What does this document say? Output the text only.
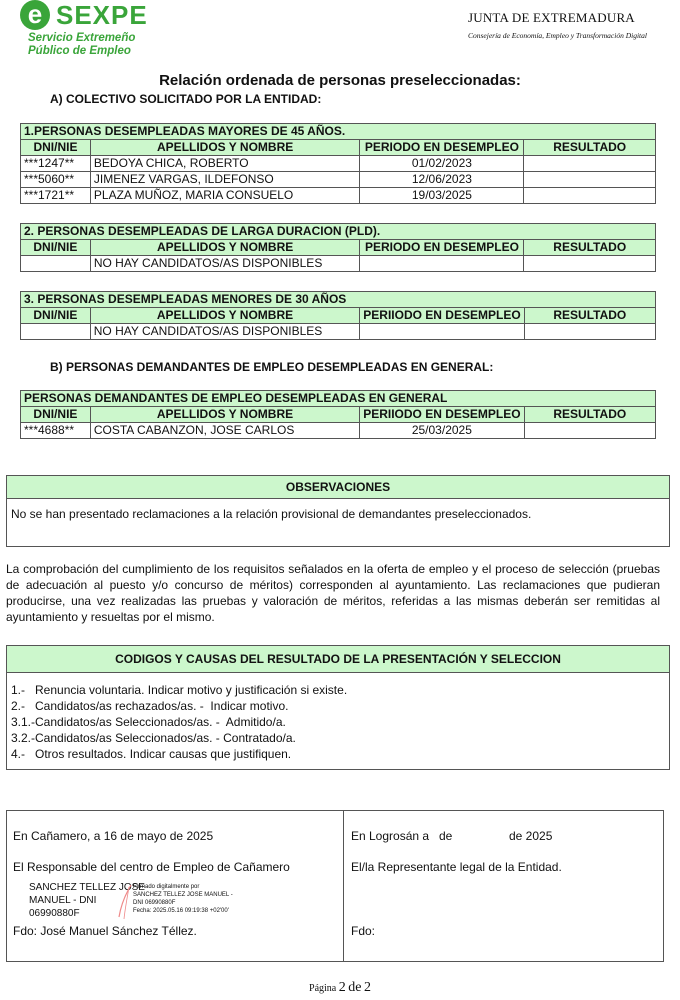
e SEXPE
Servicio Extremeño
Público de Empleo
JUNTA DE EXTREMADURA
Consejería de Economía, Empleo y Transformación Digital
Relación ordenada de personas preseleccionadas:
A) COLECTIVO SOLICITADO POR LA ENTIDAD:
1.PERSONAS DESEMPLEADAS MAYORES DE 45 AÑOS.			
DNI/NIE	APELLIDOS Y NOMBRE	PERIODO EN DESEMPLEO	RESULTADO
***1247**	BEDOYA CHICA, ROBERTO	01/02/2023	
***5060**	JIMENEZ VARGAS, ILDEFONSO	12/06/2023	
***1721**	PLAZA MUÑOZ, MARIA CONSUELO	19/03/2025	
2. PERSONAS DESEMPLEADAS DE LARGA DURACION (PLD).			
DNI/NIE	APELLIDOS Y NOMBRE	PERIODO EN DESEMPLEO	RESULTADO
	NO HAY CANDIDATOS/AS DISPONIBLES		
3. PERSONAS DESEMPLEADAS MENORES DE 30 AÑOS			
DNI/NIE	APELLIDOS Y NOMBRE	PERIIODO EN DESEMPLEO	RESULTADO
	NO HAY CANDIDATOS/AS DISPONIBLES		
B) PERSONAS DEMANDANTES DE EMPLEO DESEMPLEADAS EN GENERAL:
PERSONAS DEMANDANTES DE EMPLEO DESEMPLEADAS EN GENERAL			
DNI/NIE	APELLIDOS Y NOMBRE	PERIIODO EN DESEMPLEO	RESULTADO
***4688**	COSTA CABANZON, JOSE CARLOS	25/03/2025	
OBSERVACIONES
No se han presentado reclamaciones a la relación provisional de demandantes preseleccionados.
La comprobación del cumplimiento de los requisitos señalados en la oferta de empleo y el proceso de selección (pruebas de adecuación al puesto y/o concurso de méritos) corresponden al ayuntamiento. Las reclamaciones que pudieran producirse, una vez realizadas las pruebas y valoración de méritos, referidas a las mismas deberán ser remitidas al ayuntamiento y resueltas por el mismo.
CODIGOS Y CAUSAS DEL RESULTADO DE LA PRESENTACIÓN Y SELECCION
1.-   Renuncia voluntaria. Indicar motivo y justificación si existe.
2.-   Candidatos/as rechazados/as. -  Indicar motivo.
3.1.-Candidatos/as Seleccionados/as. -  Admitido/a.
3.2.-Candidatos/as Seleccionados/as. - Contratado/a.
4.-   Otros resultados. Indicar causas que justifiquen.
En Cañamero, a 16 de mayo de 2025
El Responsable del centro de Empleo de Cañamero
SANCHEZ TELLEZ JOSE
MANUEL - DNI
06990880F
Firmado digitalmente por
SANCHEZ TELLEZ JOSE MANUEL -
DNI 06990880F
Fecha: 2025.05.16 09:19:38 +02'00'
Fdo: José Manuel Sánchez Téllez.
En Logrosán a de	de 2025
El/la Representante legal de la Entidad.
Fdo:
Página 2 de 2
